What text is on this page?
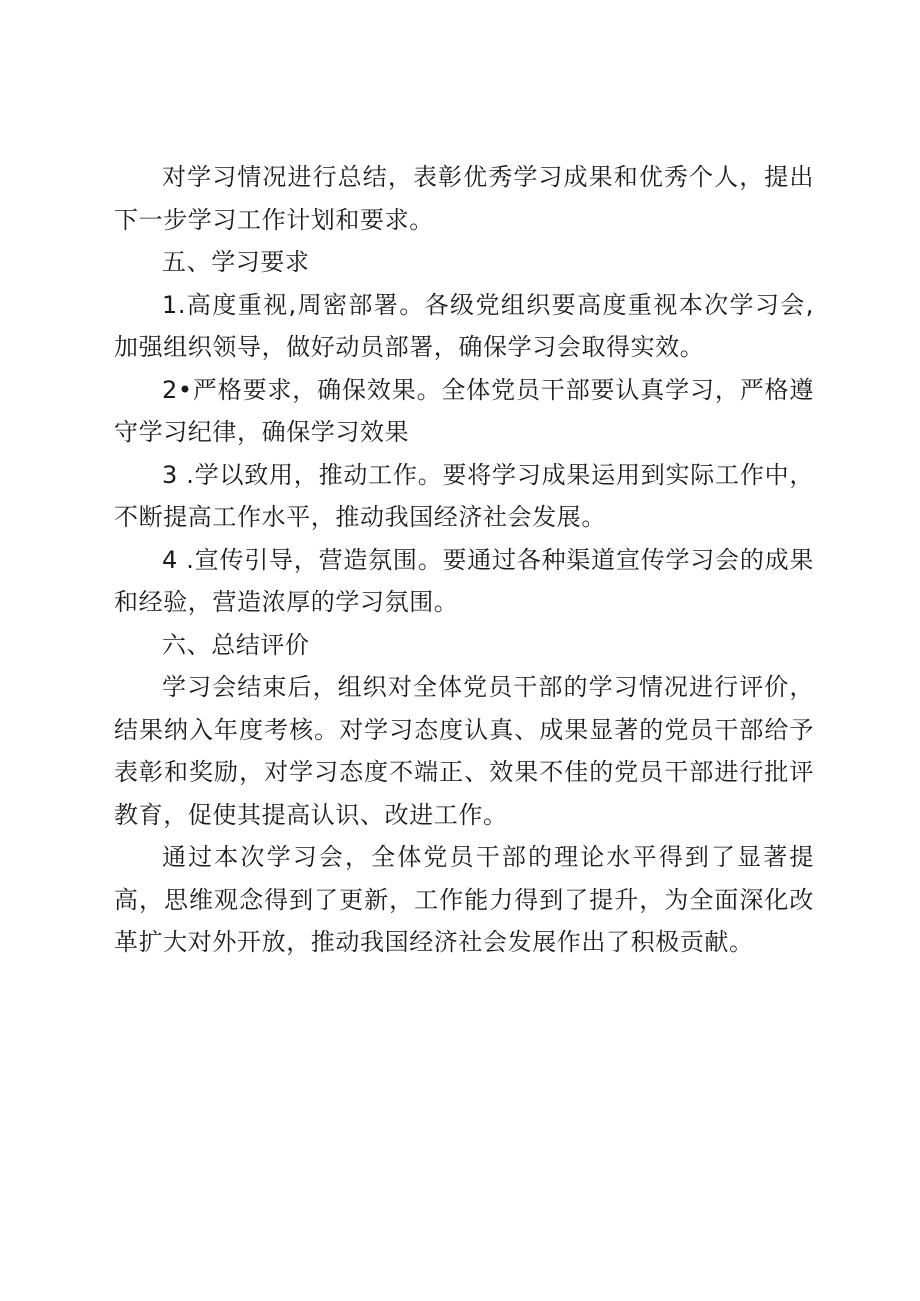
对学习情况进行总结，表彰优秀学习成果和优秀个人，提出下一步学习工作计划和要求。

五、学习要求

1.高度重视,周密部署。各级党组织要高度重视本次学习会,加强组织领导，做好动员部署，确保学习会取得实效。

2•严格要求，确保效果。全体党员干部要认真学习，严格遵守学习纪律，确保学习效果

3 .学以致用，推动工作。要将学习成果运用到实际工作中，不断提高工作水平，推动我国经济社会发展。

4 .宣传引导，营造氛围。要通过各种渠道宣传学习会的成果和经验，营造浓厚的学习氛围。

六、总结评价

学习会结束后，组织对全体党员干部的学习情况进行评价，结果纳入年度考核。对学习态度认真、成果显著的党员干部给予表彰和奖励，对学习态度不端正、效果不佳的党员干部进行批评教育，促使其提高认识、改进工作。

通过本次学习会，全体党员干部的理论水平得到了显著提高，思维观念得到了更新，工作能力得到了提升，为全面深化改革扩大对外开放，推动我国经济社会发展作出了积极贡献。
